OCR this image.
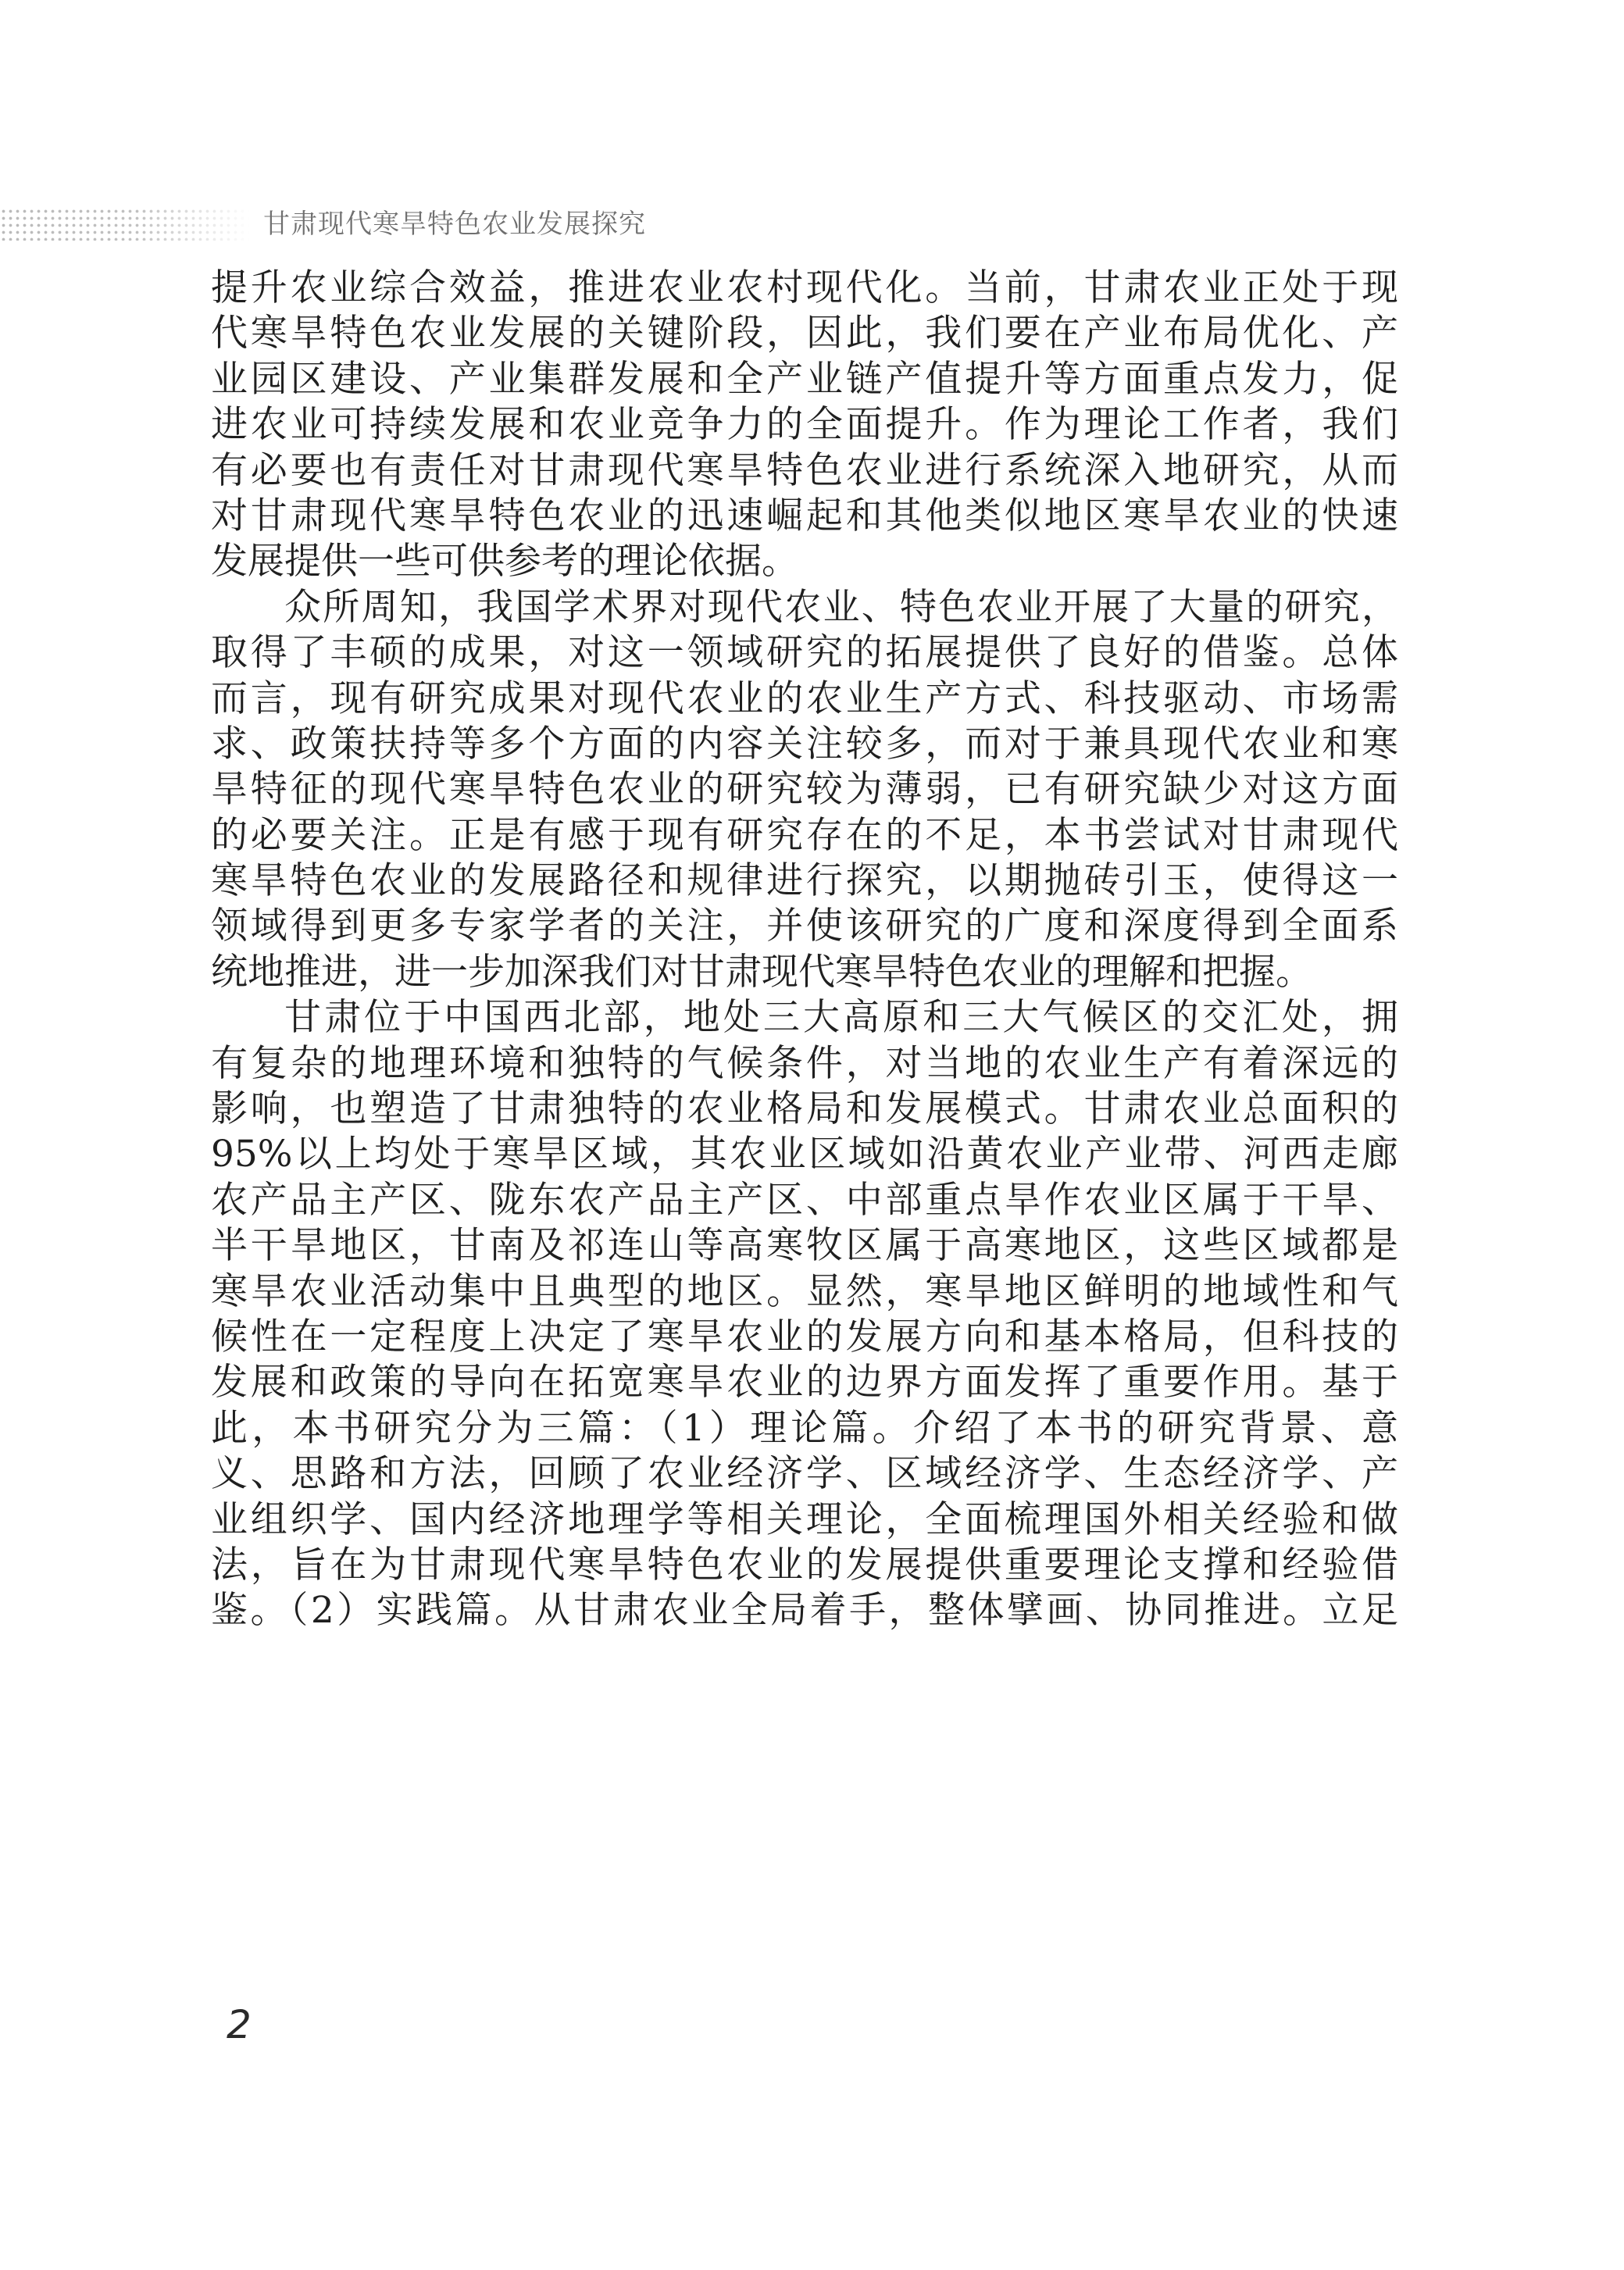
甘肃现代寒旱特色农业发展探究
提升农业综合效益，推进农业农村现代化。当前，甘肃农业正处于现
代寒旱特色农业发展的关键阶段，因此，我们要在产业布局优化、产
业园区建设、产业集群发展和全产业链产值提升等方面重点发力，促
进农业可持续发展和农业竞争力的全面提升。作为理论工作者，我们
有必要也有责任对甘肃现代寒旱特色农业进行系统深入地研究，从而
对甘肃现代寒旱特色农业的迅速崛起和其他类似地区寒旱农业的快速
发展提供一些可供参考的理论依据。
众所周知，我国学术界对现代农业、特色农业开展了大量的研究，
取得了丰硕的成果，对这一领域研究的拓展提供了良好的借鉴。总体
而言，现有研究成果对现代农业的农业生产方式、科技驱动、市场需
求、政策扶持等多个方面的内容关注较多，而对于兼具现代农业和寒
旱特征的现代寒旱特色农业的研究较为薄弱，已有研究缺少对这方面
的必要关注。正是有感于现有研究存在的不足，本书尝试对甘肃现代
寒旱特色农业的发展路径和规律进行探究，以期抛砖引玉，使得这一
领域得到更多专家学者的关注，并使该研究的广度和深度得到全面系
统地推进，进一步加深我们对甘肃现代寒旱特色农业的理解和把握。
甘肃位于中国西北部，地处三大高原和三大气候区的交汇处，拥
有复杂的地理环境和独特的气候条件，对当地的农业生产有着深远的
影响，也塑造了甘肃独特的农业格局和发展模式。甘肃农业总面积的
95%以上均处于寒旱区域，其农业区域如沿黄农业产业带、河西走廊
农产品主产区、陇东农产品主产区、中部重点旱作农业区属于干旱、
半干旱地区，甘南及祁连山等高寒牧区属于高寒地区，这些区域都是
寒旱农业活动集中且典型的地区。显然，寒旱地区鲜明的地域性和气
候性在一定程度上决定了寒旱农业的发展方向和基本格局，但科技的
发展和政策的导向在拓宽寒旱农业的边界方面发挥了重要作用。基于
此，本书研究分为三篇：（1）理论篇。介绍了本书的研究背景、意
义、思路和方法，回顾了农业经济学、区域经济学、生态经济学、产
业组织学、国内经济地理学等相关理论，全面梳理国外相关经验和做
法，旨在为甘肃现代寒旱特色农业的发展提供重要理论支撑和经验借
鉴。（2）实践篇。从甘肃农业全局着手，整体擘画、协同推进。立足
2
